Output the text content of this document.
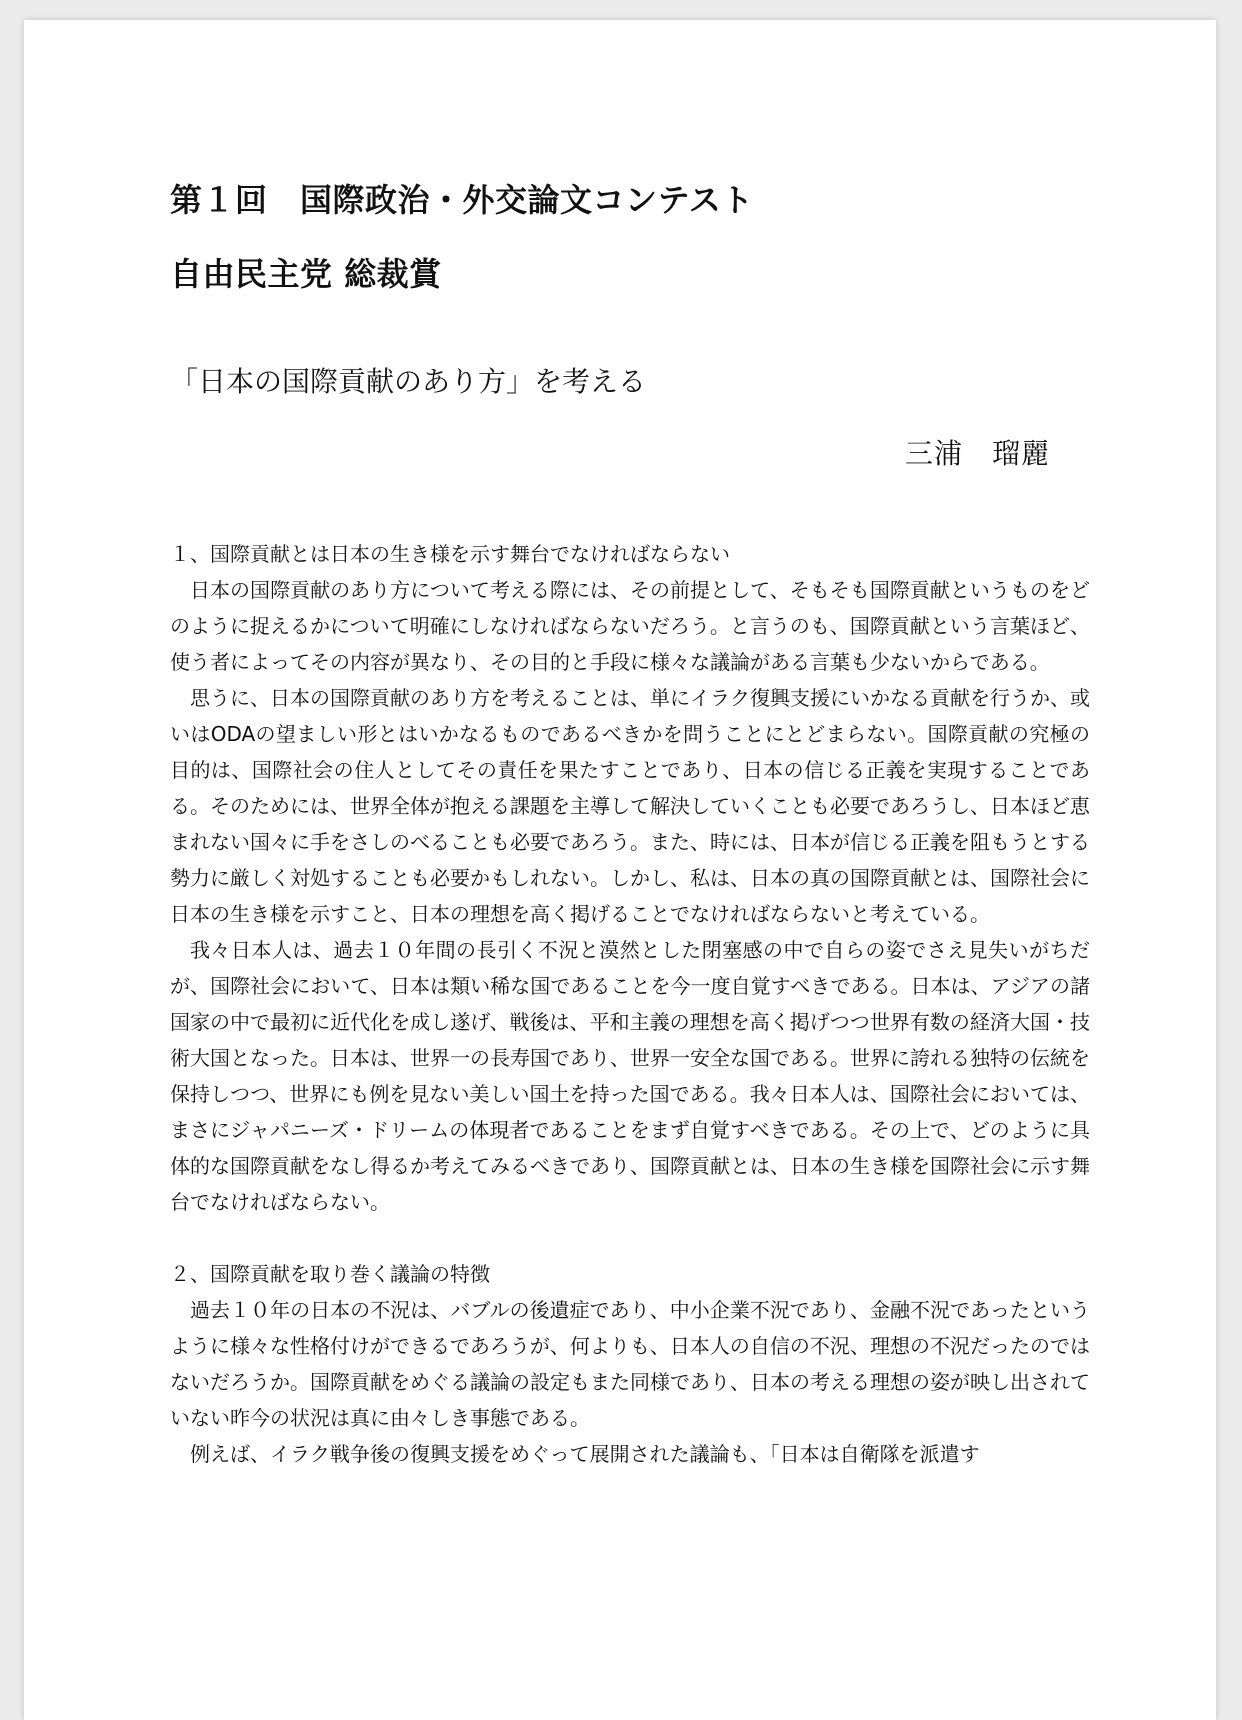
第１回　国際政治・外交論文コンテスト
自由民主党 総裁賞
「日本の国際貢献のあり方」を考える

三浦　瑠麗

１、国際貢献とは日本の生き様を示す舞台でなければならない

日本の国際貢献のあり方について考える際には、その前提として、そもそも国際貢献というものをどのように捉えるかについて明確にしなければならないだろう。と言うのも、国際貢献という言葉ほど、使う者によってその内容が異なり、その目的と手段に様々な議論がある言葉も少ないからである。

思うに、日本の国際貢献のあり方を考えることは、単にイラク復興支援にいかなる貢献を行うか、或いはODAの望ましい形とはいかなるものであるべきかを問うことにとどまらない。国際貢献の究極の目的は、国際社会の住人としてその責任を果たすことであり、日本の信じる正義を実現することである。そのためには、世界全体が抱える課題を主導して解決していくことも必要であろうし、日本ほど恵まれない国々に手をさしのべることも必要であろう。また、時には、日本が信じる正義を阻もうとする勢力に厳しく対処することも必要かもしれない。しかし、私は、日本の真の国際貢献とは、国際社会に日本の生き様を示すこと、日本の理想を高く掲げることでなければならないと考えている。

我々日本人は、過去１０年間の長引く不況と漠然とした閉塞感の中で自らの姿でさえ見失いがちだが、国際社会において、日本は類い稀な国であることを今一度自覚すべきである。日本は、アジアの諸国家の中で最初に近代化を成し遂げ、戦後は、平和主義の理想を高く掲げつつ世界有数の経済大国・技術大国となった。日本は、世界一の長寿国であり、世界一安全な国である。世界に誇れる独特の伝統を保持しつつ、世界にも例を見ない美しい国土を持った国である。我々日本人は、国際社会においては、まさにジャパニーズ・ドリームの体現者であることをまず自覚すべきである。その上で、どのように具体的な国際貢献をなし得るか考えてみるべきであり、国際貢献とは、日本の生き様を国際社会に示す舞台でなければならない。

２、国際貢献を取り巻く議論の特徴

過去１０年の日本の不況は、バブルの後遺症であり、中小企業不況であり、金融不況であったというように様々な性格付けができるであろうが、何よりも、日本人の自信の不況、理想の不況だったのではないだろうか。国際貢献をめぐる議論の設定もまた同様であり、日本の考える理想の姿が映し出されていない昨今の状況は真に由々しき事態である。

例えば、イラク戦争後の復興支援をめぐって展開された議論も、「日本は自衛隊を派遣す
